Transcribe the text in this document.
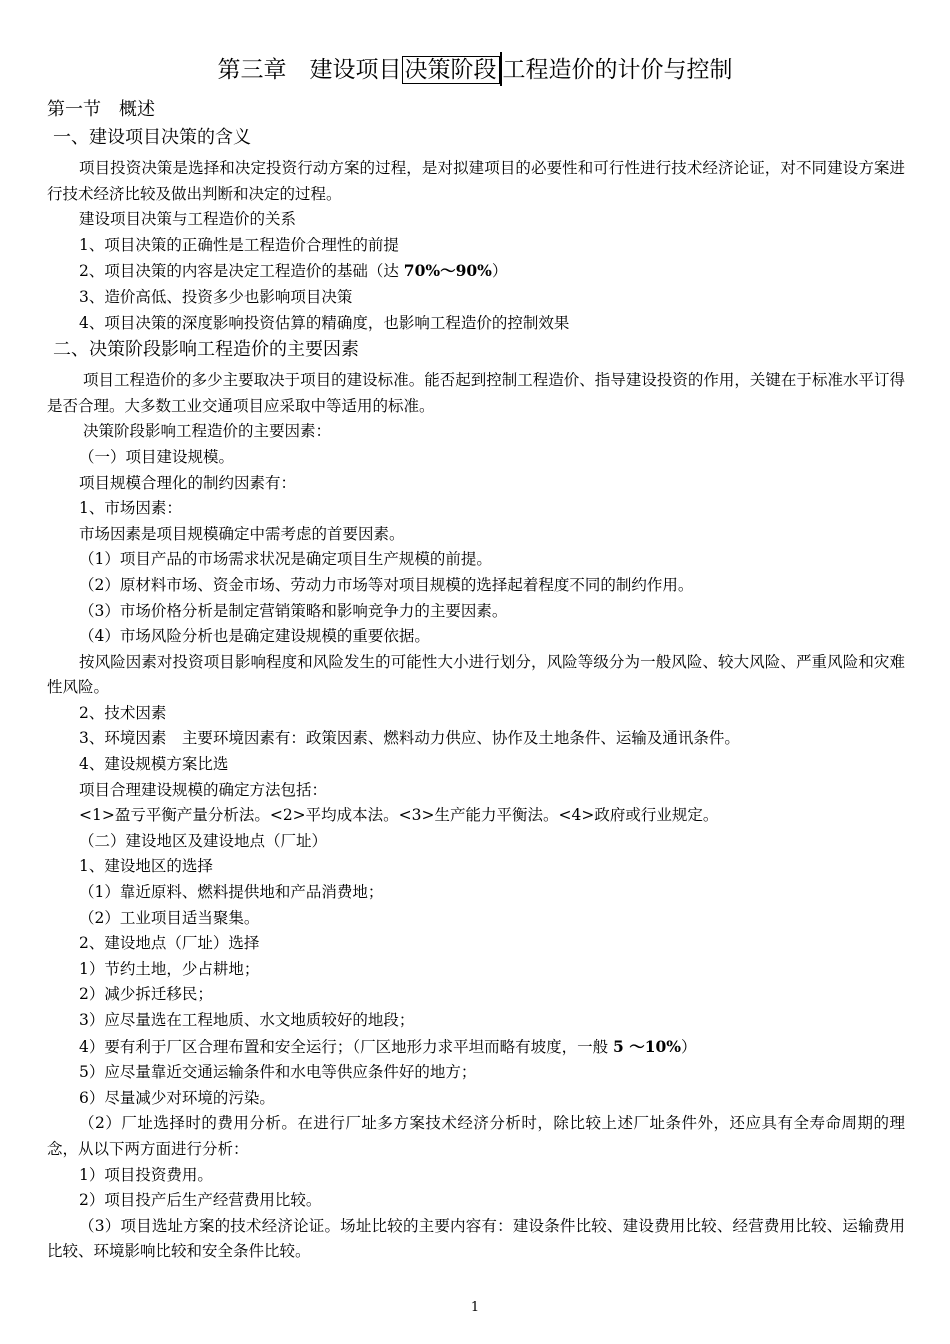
第三章　建设项目 决策阶段 工程造价的计价与控制
第一节　概述
一、建设项目决策的含义
项目投资决策是选择和决定投资行动方案的过程，是对拟建项目的必要性和可行性进行技术经济论证，对不同建设方案进行技术经济比较及做出判断和决定的过程。
建设项目决策与工程造价的关系
1、项目决策的正确性是工程造价合理性的前提
2、项目决策的内容是决定工程造价的基础（达 70%～90%）
3、造价高低、投资多少也影响项目决策
4、项目决策的深度影响投资估算的精确度，也影响工程造价的控制效果
二、决策阶段影响工程造价的主要因素
项目工程造价的多少主要取决于项目的建设标准。能否起到控制工程造价、指导建设投资的作用，关键在于标准水平订得是否合理。大多数工业交通项目应采取中等适用的标准。
决策阶段影响工程造价的主要因素：
（一）项目建设规模。
项目规模合理化的制约因素有：
1、市场因素：
市场因素是项目规模确定中需考虑的首要因素。
（1）项目产品的市场需求状况是确定项目生产规模的前提。
（2）原材料市场、资金市场、劳动力市场等对项目规模的选择起着程度不同的制约作用。
（3）市场价格分析是制定营销策略和影响竞争力的主要因素。
（4）市场风险分析也是确定建设规模的重要依据。
按风险因素对投资项目影响程度和风险发生的可能性大小进行划分，风险等级分为一般风险、较大风险、严重风险和灾难性风险。
2、技术因素
3、环境因素　主要环境因素有：政策因素、燃料动力供应、协作及土地条件、运输及通讯条件。
4、建设规模方案比选
项目合理建设规模的确定方法包括：
<1>盈亏平衡产量分析法。<2>平均成本法。<3>生产能力平衡法。<4>政府或行业规定。
（二）建设地区及建设地点（厂址）
1、建设地区的选择
（1）靠近原料、燃料提供地和产品消费地；
（2）工业项目适当聚集。
2、建设地点（厂址）选择
1）节约土地，少占耕地；
2）减少拆迁移民；
3）应尽量选在工程地质、水文地质较好的地段；
4）要有利于厂区合理布置和安全运行；（厂区地形力求平坦而略有坡度，一般 5 ～10%）
5）应尽量靠近交通运输条件和水电等供应条件好的地方；
6）尽量减少对环境的污染。
（2）厂址选择时的费用分析。在进行厂址多方案技术经济分析时，除比较上述厂址条件外，还应具有全寿命周期的理念，从以下两方面进行分析：
1）项目投资费用。
2）项目投产后生产经营费用比较。
（3）项目选址方案的技术经济论证。场址比较的主要内容有：建设条件比较、建设费用比较、经营费用比较、运输费用比较、环境影响比较和安全条件比较。
1
